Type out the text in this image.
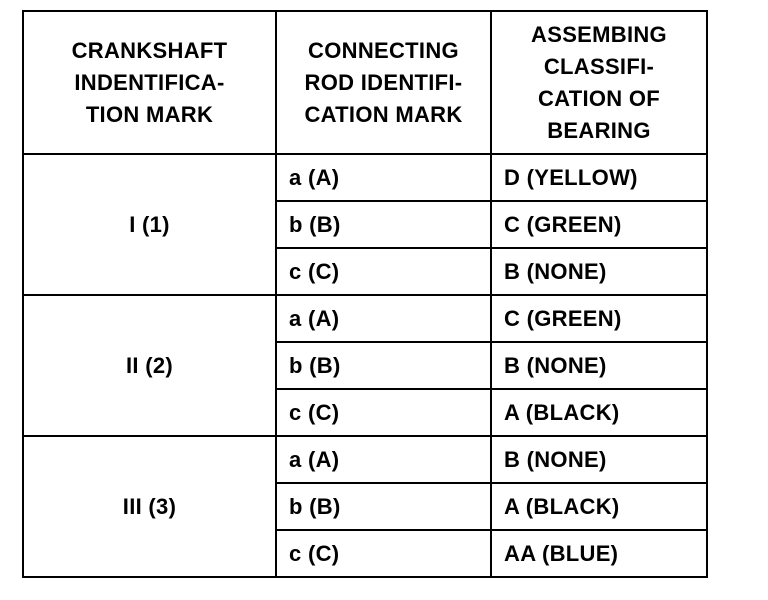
CRANKSHAFT
INDENTIFICA-
TION MARK	CONNECTING
ROD IDENTIFI-
CATION MARK	ASSEMBING
CLASSIFI-
CATION OF
BEARING

I (1)	a (A)	D (YELLOW)
	b (B)	C (GREEN)
	c (C)	B (NONE)
II (2)	a (A)	C (GREEN)
	b (B)	B (NONE)
	c (C)	A (BLACK)
III (3)	a (A)	B (NONE)
	b (B)	A (BLACK)
	c (C)	AA (BLUE)
